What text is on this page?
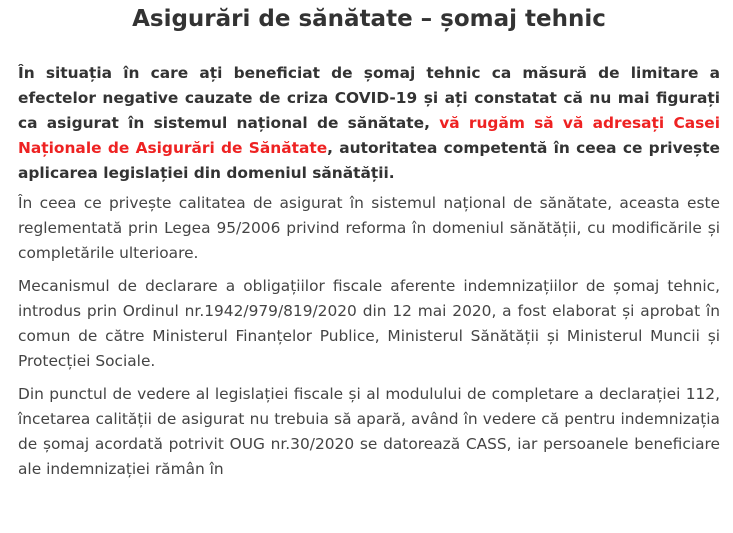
Asigurări de sănătate – șomaj tehnic

În situația în care ați beneficiat de șomaj tehnic ca măsură de limitare a efectelor negative cauzate de criza COVID-19 și ați constatat că nu mai figurați ca asigurat în sistemul național de sănătate, vă rugăm să vă adresați Casei Naționale de Asigurări de Sănătate, autoritatea competentă în ceea ce privește aplicarea legislației din domeniul sănătății.

În ceea ce privește calitatea de asigurat în sistemul național de sănătate, aceasta este reglementată prin Legea 95/2006 privind reforma în domeniul sănătății, cu modificările și completările ulterioare.

Mecanismul de declarare a obligațiilor fiscale aferente indemnizațiilor de șomaj tehnic, introdus prin Ordinul nr.1942/979/819/2020 din 12 mai 2020, a fost elaborat și aprobat în comun de către Ministerul Finanțelor Publice, Ministerul Sănătății și Ministerul Muncii și Protecției Sociale.

Din punctul de vedere al legislației fiscale și al modulului de completare a declarației 112, încetarea calității de asigurat nu trebuia să apară, având în vedere că pentru indemnizația de șomaj acordată potrivit OUG nr.30/2020 se datorează CASS, iar persoanele beneficiare ale indemnizației rămân în
